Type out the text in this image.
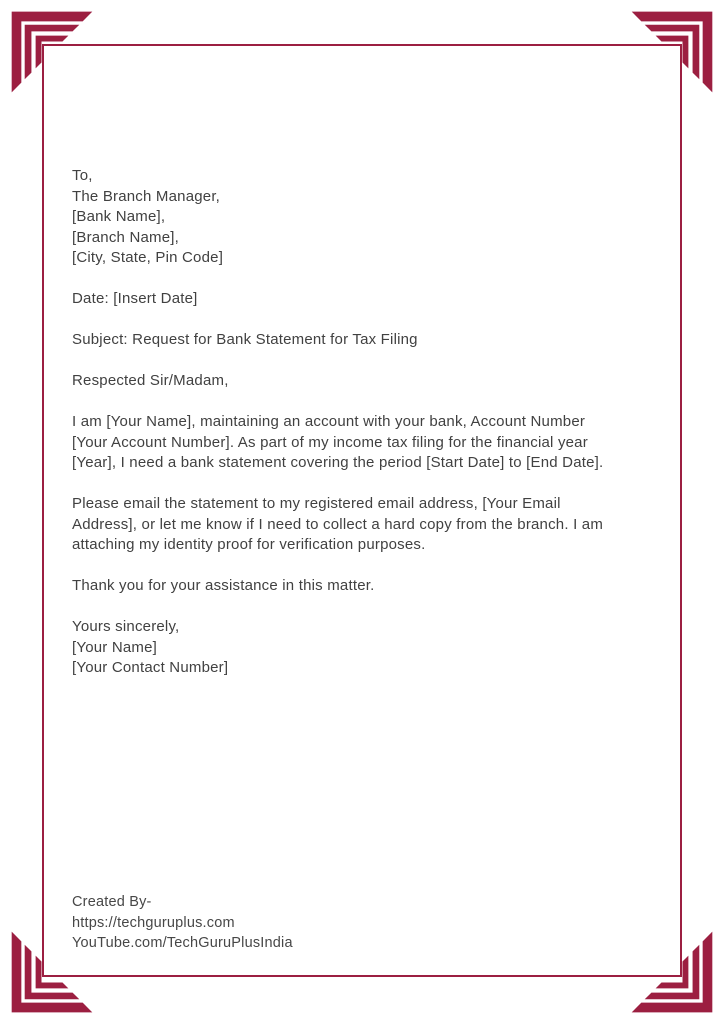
To,
The Branch Manager,
[Bank Name],
[Branch Name],
[City, State, Pin Code]
Date: [Insert Date]
Subject: Request for Bank Statement for Tax Filing
Respected Sir/Madam,
I am [Your Name], maintaining an account with your bank, Account Number
[Your Account Number]. As part of my income tax filing for the financial year
[Year], I need a bank statement covering the period [Start Date] to [End Date].
Please email the statement to my registered email address, [Your Email
Address], or let me know if I need to collect a hard copy from the branch. I am
attaching my identity proof for verification purposes.
Thank you for your assistance in this matter.
Yours sincerely,
[Your Name]
[Your Contact Number]
Created By-
https://techguruplus.com
YouTube.com/TechGuruPlusIndia
